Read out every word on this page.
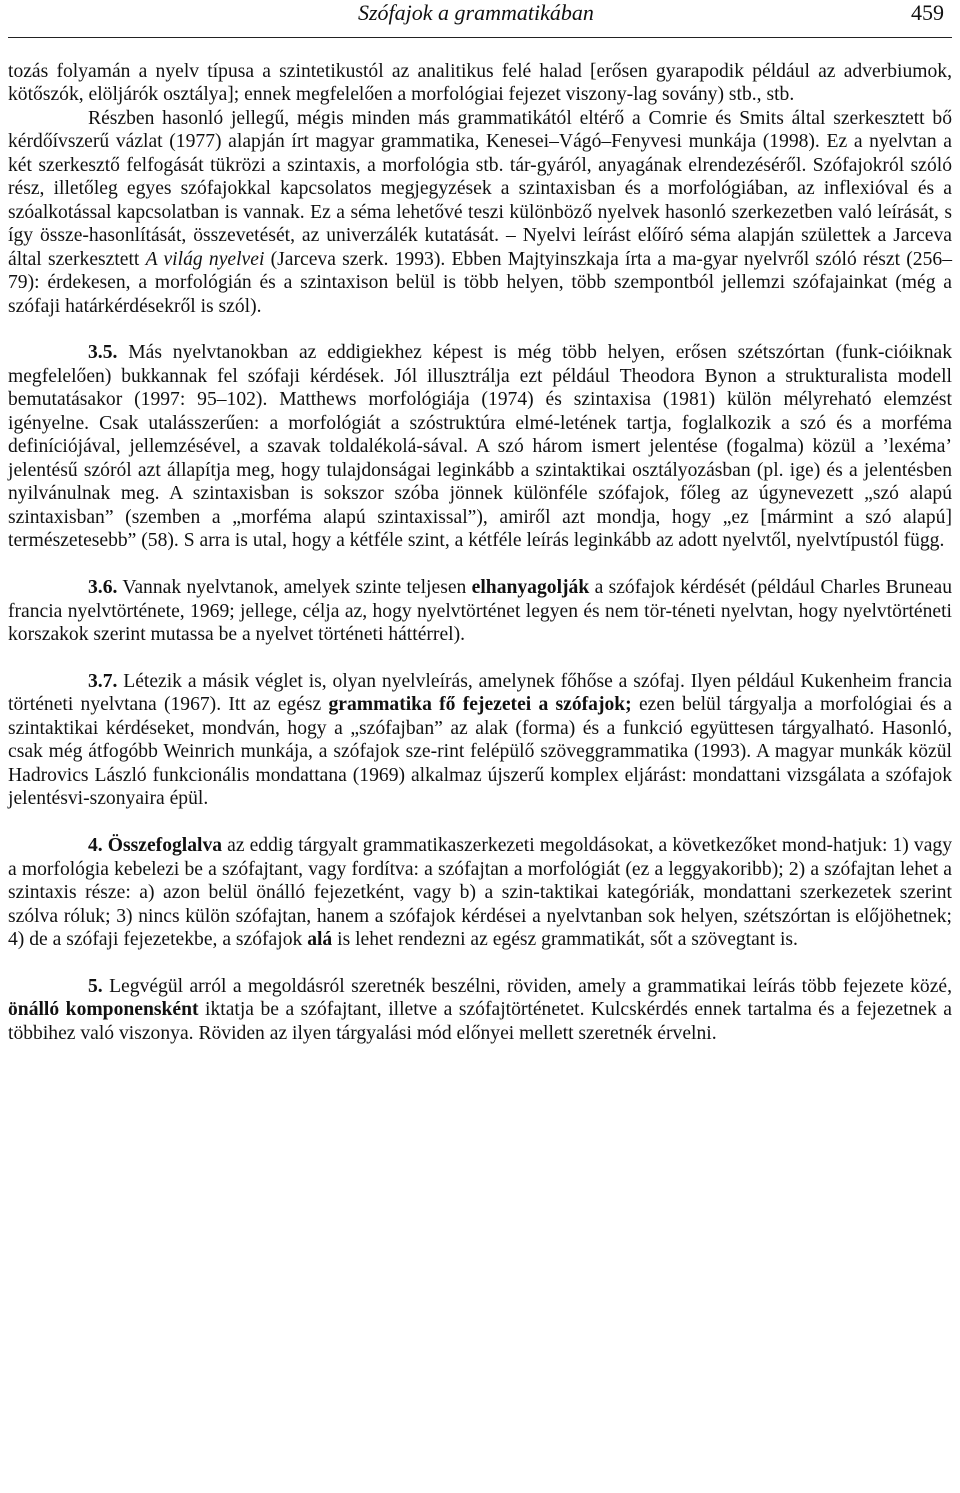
Szófajok a grammatikában	459

tozás folyamán a nyelv típusa a szintetikustól az analitikus felé halad [erősen gyarapodik például az adverbiumok, kötőszók, elöljárók osztálya]; ennek megfelelően a morfológiai fejezet viszony-lag sovány) stb., stb.

Részben hasonló jellegű, mégis minden más grammatikától eltérő a Comrie és Smits által szerkesztett bő kérdőívszerű vázlat (1977) alapján írt magyar grammatika, Kenesei–Vágó–Fenyvesi munkája (1998). Ez a nyelvtan a két szerkesztő felfogását tükrözi a szintaxis, a morfológia stb. tár-gyáról, anyagának elrendezéséről. Szófajokról szóló rész, illetőleg egyes szófajokkal kapcsolatos megjegyzések a szintaxisban és a morfológiában, az inflexióval és a szóalkotással kapcsolatban is vannak. Ez a séma lehetővé teszi különböző nyelvek hasonló szerkezetben való leírását, s így össze-hasonlítását, összevetését, az univerzálék kutatását. – Nyelvi leírást előíró séma alapján születtek a Jarceva által szerkesztett A világ nyelvei (Jarceva szerk. 1993). Ebben Majtyinszkaja írta a ma-gyar nyelvről szóló részt (256–79): érdekesen, a morfológián és a szintaxison belül is több helyen, több szempontból jellemzi szófajainkat (még a szófaji határkérdésekről is szól).

3.5. Más nyelvtanokban az eddigiekhez képest is még több helyen, erősen szétszórtan (funk-cióiknak megfelelően) bukkannak fel szófaji kérdések. Jól illusztrálja ezt például Theodora Bynon a strukturalista modell bemutatásakor (1997: 95–102). Matthews morfológiája (1974) és szintaxisa (1981) külön mélyreható elemzést igényelne. Csak utalásszerűen: a morfológiát a szóstruktúra elmé-letének tartja, foglalkozik a szó és a morféma definíciójával, jellemzésével, a szavak toldalékolá-sával. A szó három ismert jelentése (fogalma) közül a ’lexéma’ jelentésű szóról azt állapítja meg, hogy tulajdonságai leginkább a szintaktikai osztályozásban (pl. ige) és a jelentésben nyilvánulnak meg. A szintaxisban is sokszor szóba jönnek különféle szófajok, főleg az úgynevezett „szó alapú szintaxisban” (szemben a „morféma alapú szintaxissal”), amiről azt mondja, hogy „ez [mármint a szó alapú] természetesebb” (58). S arra is utal, hogy a kétféle szint, a kétféle leírás leginkább az adott nyelvtől, nyelvtípustól függ.

3.6. Vannak nyelvtanok, amelyek szinte teljesen elhanyagolják a szófajok kérdését (például Charles Bruneau francia nyelvtörténete, 1969; jellege, célja az, hogy nyelvtörténet legyen és nem tör-téneti nyelvtan, hogy nyelvtörténeti korszakok szerint mutassa be a nyelvet történeti háttérrel).

3.7. Létezik a másik véglet is, olyan nyelvleírás, amelynek főhőse a szófaj. Ilyen például Kukenheim francia történeti nyelvtana (1967). Itt az egész grammatika fő fejezetei a szófajok; ezen belül tárgyalja a morfológiai és a szintaktikai kérdéseket, mondván, hogy a „szófajban” az alak (forma) és a funkció együttesen tárgyalható. Hasonló, csak még átfogóbb Weinrich munkája, a szófajok sze-rint felépülő szöveggrammatika (1993). A magyar munkák közül Hadrovics László funkcionális mondattana (1969) alkalmaz újszerű komplex eljárást: mondattani vizsgálata a szófajok jelentésvi-szonyaira épül.

4. Összefoglalva az eddig tárgyalt grammatikaszerkezeti megoldásokat, a következőket mond-hatjuk: 1) vagy a morfológia kebelezi be a szófajtant, vagy fordítva: a szófajtan a morfológiát (ez a leggyakoribb); 2) a szófajtan lehet a szintaxis része: a) azon belül önálló fejezetként, vagy b) a szin-taktikai kategóriák, mondattani szerkezetek szerint szólva róluk; 3) nincs külön szófajtan, hanem a szófajok kérdései a nyelvtanban sok helyen, szétszórtan is előjöhetnek; 4) de a szófaji fejezetekbe, a szófajok alá is lehet rendezni az egész grammatikát, sőt a szövegtant is.

5. Legvégül arról a megoldásról szeretnék beszélni, röviden, amely a grammatikai leírás több fejezete közé, önálló komponensként iktatja be a szófajtant, illetve a szófajtörténetet. Kulcskérdés ennek tartalma és a fejezetnek a többihez való viszonya. Röviden az ilyen tárgyalási mód előnyei mellett szeretnék érvelni.
